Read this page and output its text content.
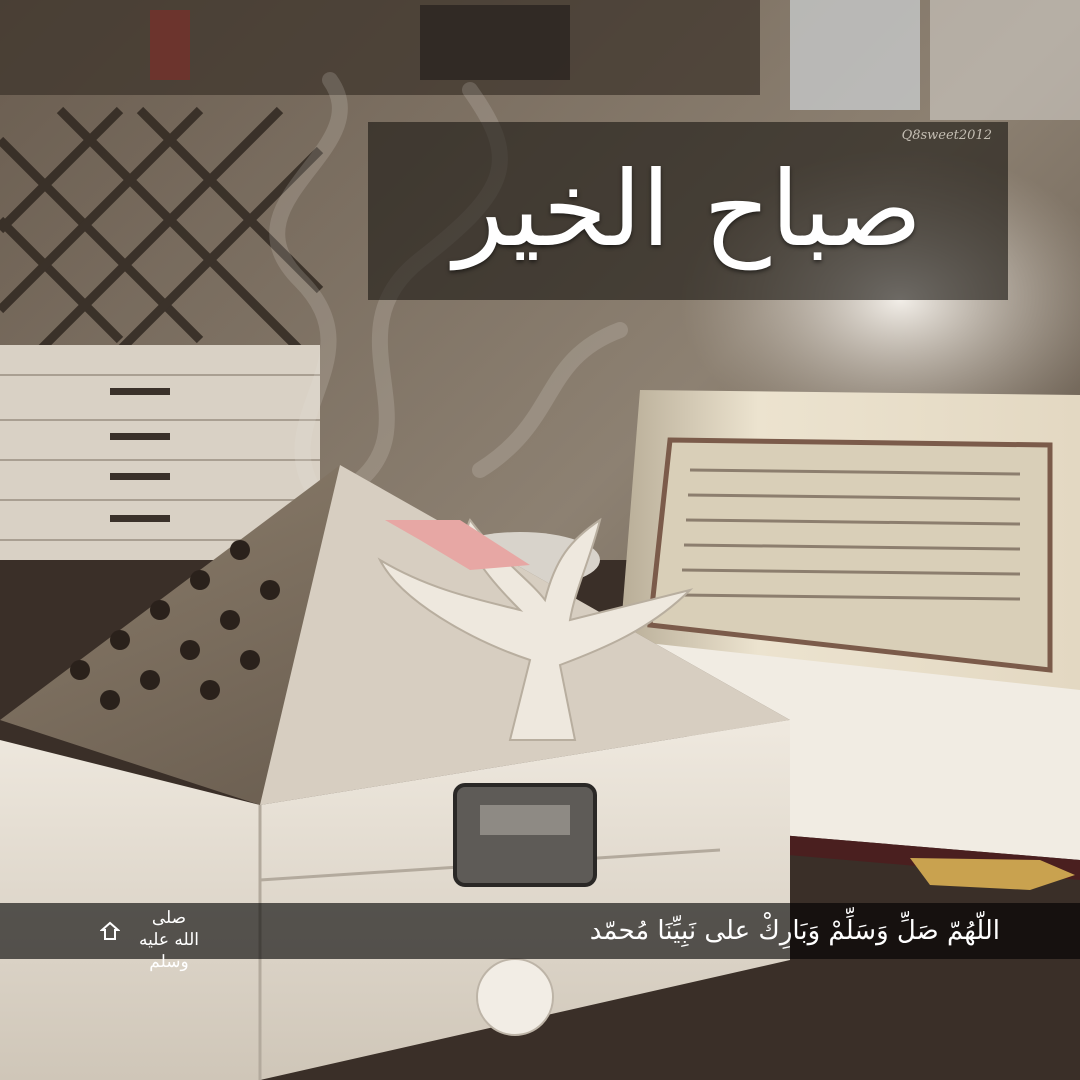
Q8sweet2012
صباح الخير
صلى الله عليه وسلم
اللّهُمّ صَلِّ وَسَلِّمْ وَبَارِكْ على نَبِيِّنَا مُحمّد
